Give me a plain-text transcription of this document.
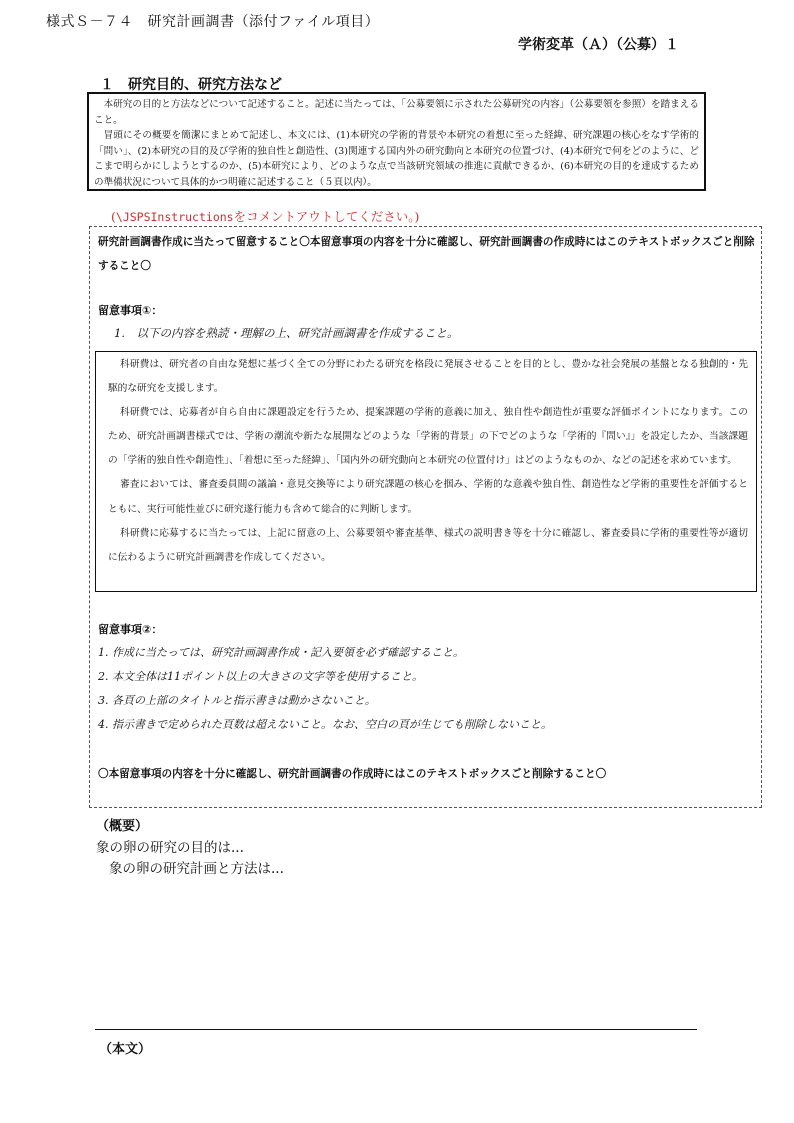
様式Ｓ－７４　研究計画調書（添付ファイル項目）
学術変革（Ａ）（公募）１
１　研究目的、研究方法など

本研究の目的と方法などについて記述すること。記述に当たっては、「公募要領に示された公募研究の内容」（公募要領を参照）を踏まえること。

冒頭にその概要を簡潔にまとめて記述し、本文には、(1)本研究の学術的背景や本研究の着想に至った経緯、研究課題の核心をなす学術的「問い」、(2)本研究の目的及び学術的独自性と創造性、(3)関連する国内外の研究動向と本研究の位置づけ、(4)本研究で何をどのように、どこまで明らかにしようとするのか、(5)本研究により、どのような点で当該研究領域の推進に貢献できるか、(6)本研究の目的を達成するための準備状況について具体的かつ明確に記述すること（５頁以内）。

(\JSPSInstructionsをコメントアウトしてください。)
研究計画調書作成に当たって留意すること〇本留意事項の内容を十分に確認し、研究計画調書の作成時にはこのテキストボックスごと削除すること〇
留意事項①：
1.　以下の内容を熟読・理解の上、研究計画調書を作成すること。

科研費は、研究者の自由な発想に基づく全ての分野にわたる研究を格段に発展させることを目的とし、豊かな社会発展の基盤となる独創的・先駆的な研究を支援します。

科研費では、応募者が自ら自由に課題設定を行うため、提案課題の学術的意義に加え、独自性や創造性が重要な評価ポイントになります。このため、研究計画調書様式では、学術の潮流や新たな展開などのような「学術的背景」の下でどのような「学術的『問い』」を設定したか、当該課題の「学術的独自性や創造性」、「着想に至った経緯」、「国内外の研究動向と本研究の位置付け」はどのようなものか、などの記述を求めています。

審査においては、審査委員間の議論・意見交換等により研究課題の核心を掴み、学術的な意義や独自性、創造性など学術的重要性を評価するとともに、実行可能性並びに研究遂行能力も含めて総合的に判断します。

科研費に応募するに当たっては、上記に留意の上、公募要領や審査基準、様式の説明書き等を十分に確認し、審査委員に学術的重要性等が適切に伝わるように研究計画調書を作成してください。

留意事項②：
1. 作成に当たっては、研究計画調書作成・記入要領を必ず確認すること。
2. 本文全体は11ポイント以上の大きさの文字等を使用すること。
3. 各頁の上部のタイトルと指示書きは動かさないこと。
4. 指示書きで定められた頁数は超えないこと。なお、空白の頁が生じても削除しないこと。
〇本留意事項の内容を十分に確認し、研究計画調書の作成時にはこのテキストボックスごと削除すること〇
（概要）
象の卵の研究の目的は...
象の卵の研究計画と方法は...
（本文）
